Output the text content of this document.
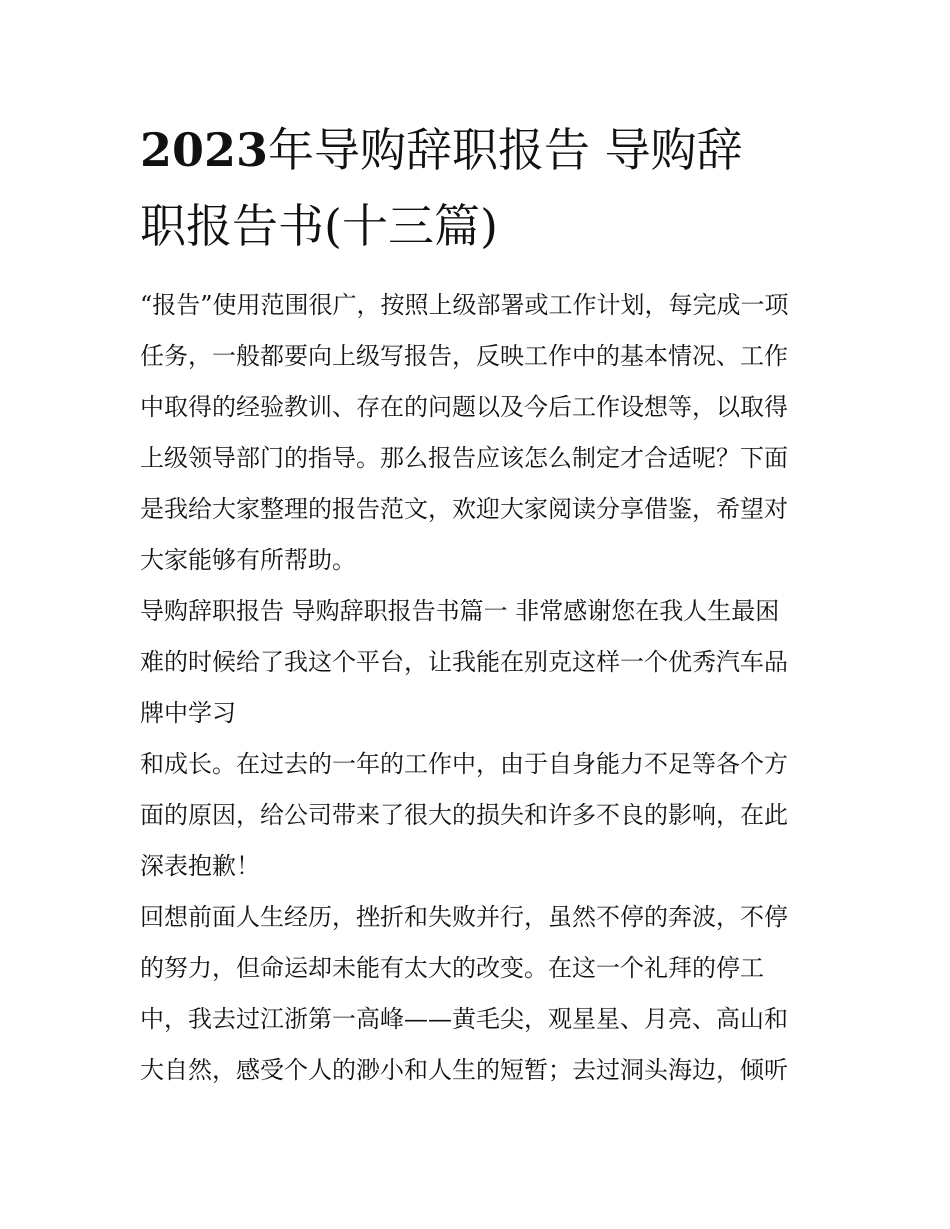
2023年导购辞职报告 导购辞
职报告书(十三篇)

“报告”使用范围很广，按照上级部署或工作计划，每完成一项
任务，一般都要向上级写报告，反映工作中的基本情况、工作
中取得的经验教训、存在的问题以及今后工作设想等，以取得
上级领导部门的指导。那么报告应该怎么制定才合适呢？下面
是我给大家整理的报告范文，欢迎大家阅读分享借鉴，希望对
大家能够有所帮助。

导购辞职报告 导购辞职报告书篇一 非常感谢您在我人生最困
难的时候给了我这个平台，让我能在别克这样一个优秀汽车品
牌中学习

和成长。在过去的一年的工作中，由于自身能力不足等各个方
面的原因，给公司带来了很大的损失和许多不良的影响，在此
深表抱歉！

回想前面人生经历，挫折和失败并行，虽然不停的奔波，不停
的努力，但命运却未能有太大的改变。在这一个礼拜的停工
中，我去过江浙第一高峰——黄毛尖，观星星、月亮、高山和
大自然，感受个人的渺小和人生的短暂；去过洞头海边，倾听
